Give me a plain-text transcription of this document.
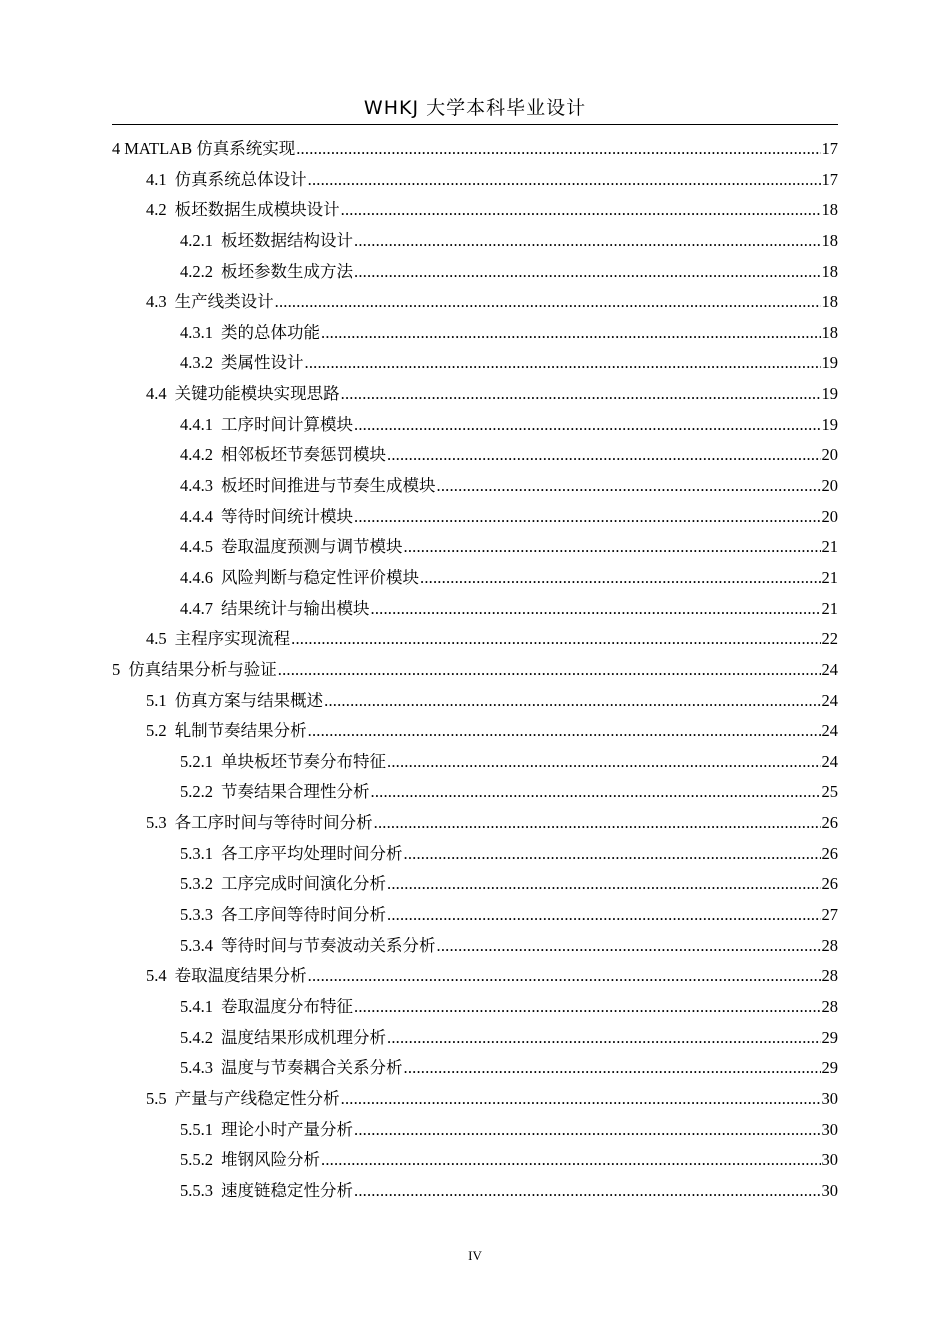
WHKJ 大学本科毕业设计
4 MATLAB 仿真系统实现 .....	17
4.1 仿真系统总体设计 .....	17
4.2 板坯数据生成模块设计 .....	18
4.2.1 板坯数据结构设计 .....	18
4.2.2 板坯参数生成方法 .....	18
4.3 生产线类设计 .....	18
4.3.1 类的总体功能 .....	18
4.3.2 类属性设计 .....	19
4.4 关键功能模块实现思路 .....	19
4.4.1 工序时间计算模块 .....	19
4.4.2 相邻板坯节奏惩罚模块 .....	20
4.4.3 板坯时间推进与节奏生成模块 .....	20
4.4.4 等待时间统计模块 .....	20
4.4.5 卷取温度预测与调节模块 .....	21
4.4.6 风险判断与稳定性评价模块 .....	21
4.4.7 结果统计与输出模块 .....	21
4.5 主程序实现流程 .....	22
5 仿真结果分析与验证 .....	24
5.1 仿真方案与结果概述 .....	24
5.2 轧制节奏结果分析 .....	24
5.2.1 单块板坯节奏分布特征 .....	24
5.2.2 节奏结果合理性分析 .....	25
5.3 各工序时间与等待时间分析 .....	26
5.3.1 各工序平均处理时间分析 .....	26
5.3.2 工序完成时间演化分析 .....	26
5.3.3 各工序间等待时间分析 .....	27
5.3.4 等待时间与节奏波动关系分析 .....	28
5.4 卷取温度结果分析 .....	28
5.4.1 卷取温度分布特征 .....	28
5.4.2 温度结果形成机理分析 .....	29
5.4.3 温度与节奏耦合关系分析 .....	29
5.5 产量与产线稳定性分析 .....	30
5.5.1 理论小时产量分析 .....	30
5.5.2 堆钢风险分析 .....	30
5.5.3 速度链稳定性分析 .....	30
IV
